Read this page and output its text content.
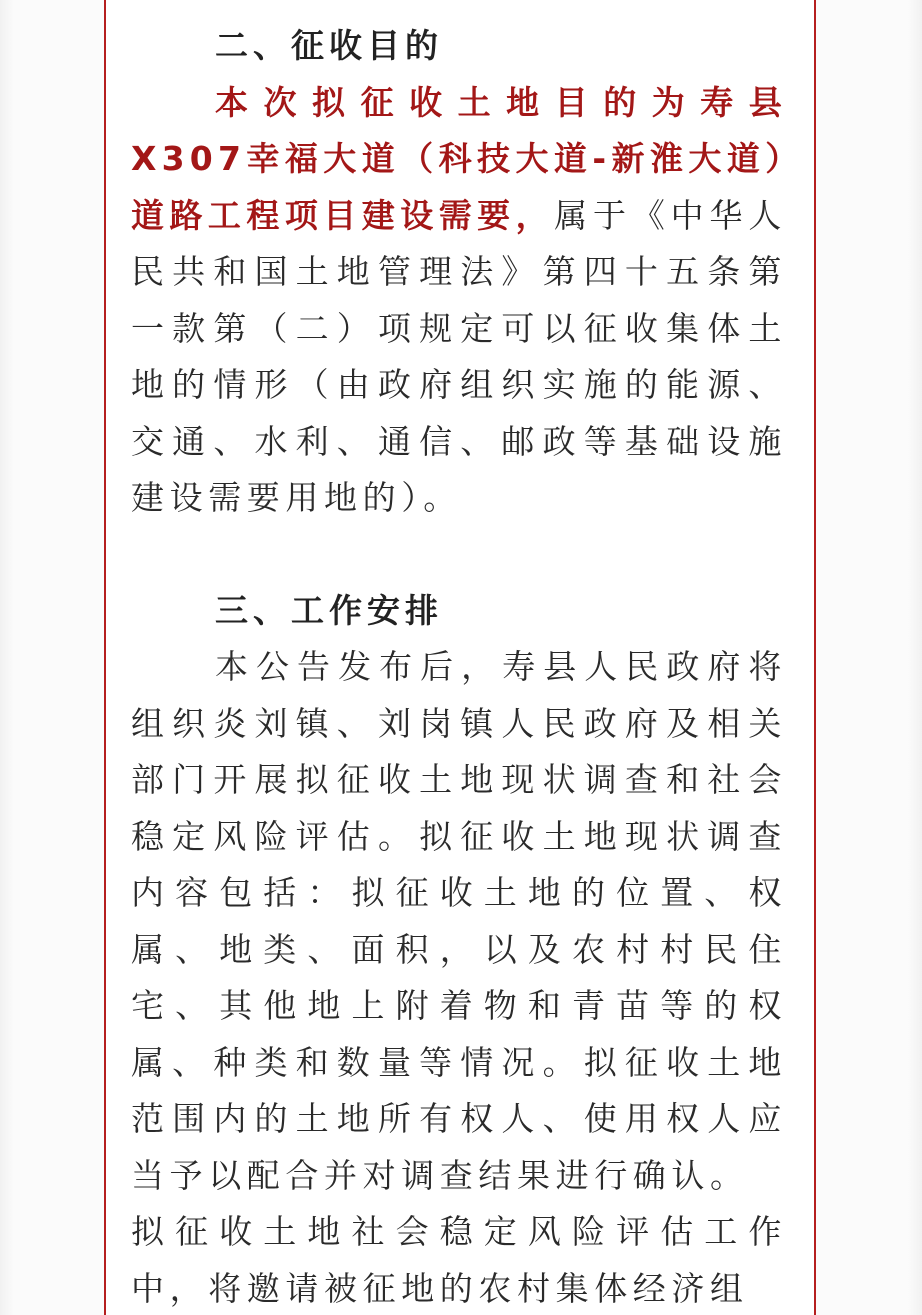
二、征收目的

本次拟征收土地目的为寿县X307幸福大道（科技大道-新淮大道）道路工程项目建设需要，属于《中华人民共和国土地管理法》第四十五条第一款第（二）项规定可以征收集体土地的情形（由政府组织实施的能源、交通、水利、通信、邮政等基础设施建设需要用地的）。

三、工作安排

本公告发布后，寿县人民政府将组织炎刘镇、刘岗镇人民政府及相关部门开展拟征收土地现状调查和社会稳定风险评估。拟征收土地现状调查内容包括：拟征收土地的位置、权属、地类、面积，以及农村村民住宅、其他地上附着物和青苗等的权属、种类和数量等情况。拟征收土地范围内的土地所有权人、使用权人应当予以配合并对调查结果进行确认。

拟征收土地社会稳定风险评估工作中，将邀请被征地的农村集体经济组
